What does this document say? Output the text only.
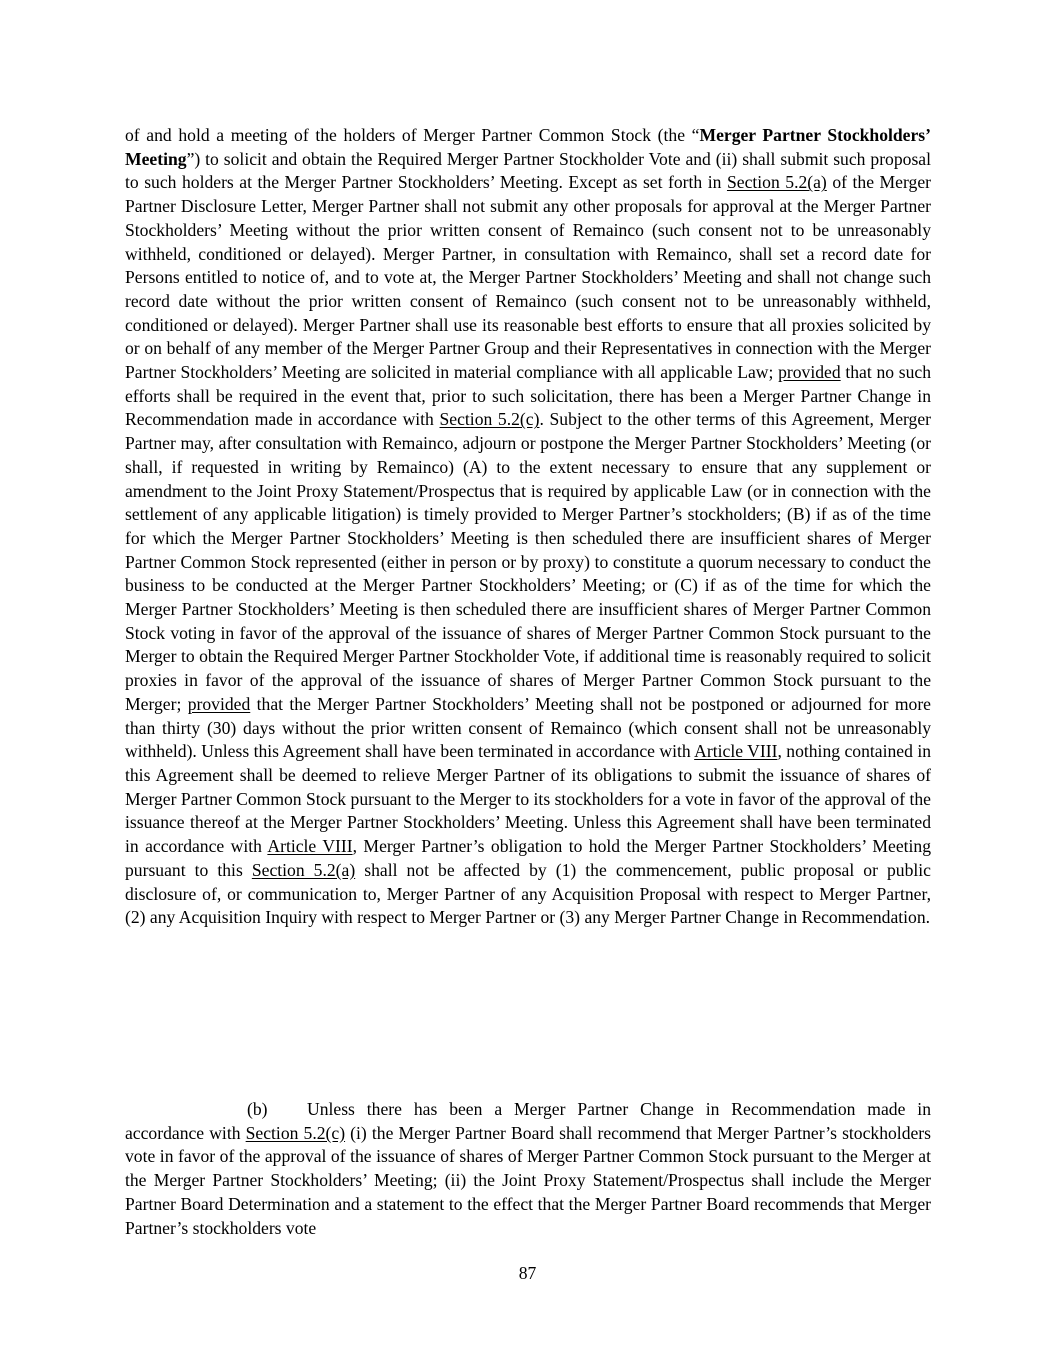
of and hold a meeting of the holders of Merger Partner Common Stock (the “Merger Partner Stockholders’ Meeting”) to solicit and obtain the Required Merger Partner Stockholder Vote and (ii) shall submit such proposal to such holders at the Merger Partner Stockholders’ Meeting. Except as set forth in Section 5.2(a) of the Merger Partner Disclosure Letter, Merger Partner shall not submit any other proposals for approval at the Merger Partner Stockholders’ Meeting without the prior written consent of Remainco (such consent not to be unreasonably withheld, conditioned or delayed). Merger Partner, in consultation with Remainco, shall set a record date for Persons entitled to notice of, and to vote at, the Merger Partner Stockholders’ Meeting and shall not change such record date without the prior written consent of Remainco (such consent not to be unreasonably withheld, conditioned or delayed). Merger Partner shall use its reasonable best efforts to ensure that all proxies solicited by or on behalf of any member of the Merger Partner Group and their Representatives in connection with the Merger Partner Stockholders’ Meeting are solicited in material compliance with all applicable Law; provided that no such efforts shall be required in the event that, prior to such solicitation, there has been a Merger Partner Change in Recommendation made in accordance with Section 5.2(c). Subject to the other terms of this Agreement, Merger Partner may, after consultation with Remainco, adjourn or postpone the Merger Partner Stockholders’ Meeting (or shall, if requested in writing by Remainco) (A) to the extent necessary to ensure that any supplement or amendment to the Joint Proxy Statement/Prospectus that is required by applicable Law (or in connection with the settlement of any applicable litigation) is timely provided to Merger Partner’s stockholders; (B) if as of the time for which the Merger Partner Stockholders’ Meeting is then scheduled there are insufficient shares of Merger Partner Common Stock represented (either in person or by proxy) to constitute a quorum necessary to conduct the business to be conducted at the Merger Partner Stockholders’ Meeting; or (C) if as of the time for which the Merger Partner Stockholders’ Meeting is then scheduled there are insufficient shares of Merger Partner Common Stock voting in favor of the approval of the issuance of shares of Merger Partner Common Stock pursuant to the Merger to obtain the Required Merger Partner Stockholder Vote, if additional time is reasonably required to solicit proxies in favor of the approval of the issuance of shares of Merger Partner Common Stock pursuant to the Merger; provided that the Merger Partner Stockholders’ Meeting shall not be postponed or adjourned for more than thirty (30) days without the prior written consent of Remainco (which consent shall not be unreasonably withheld). Unless this Agreement shall have been terminated in accordance with Article VIII, nothing contained in this Agreement shall be deemed to relieve Merger Partner of its obligations to submit the issuance of shares of Merger Partner Common Stock pursuant to the Merger to its stockholders for a vote in favor of the approval of the issuance thereof at the Merger Partner Stockholders’ Meeting. Unless this Agreement shall have been terminated in accordance with Article VIII, Merger Partner’s obligation to hold the Merger Partner Stockholders’ Meeting pursuant to this Section 5.2(a) shall not be affected by (1) the commencement, public proposal or public disclosure of, or communication to, Merger Partner of any Acquisition Proposal with respect to Merger Partner, (2) any Acquisition Inquiry with respect to Merger Partner or (3) any Merger Partner Change in Recommendation.

(b) Unless there has been a Merger Partner Change in Recommendation made in accordance with Section 5.2(c) (i) the Merger Partner Board shall recommend that Merger Partner’s stockholders vote in favor of the approval of the issuance of shares of Merger Partner Common Stock pursuant to the Merger at the Merger Partner Stockholders’ Meeting; (ii) the Joint Proxy Statement/Prospectus shall include the Merger Partner Board Determination and a statement to the effect that the Merger Partner Board recommends that Merger Partner’s stockholders vote

87
